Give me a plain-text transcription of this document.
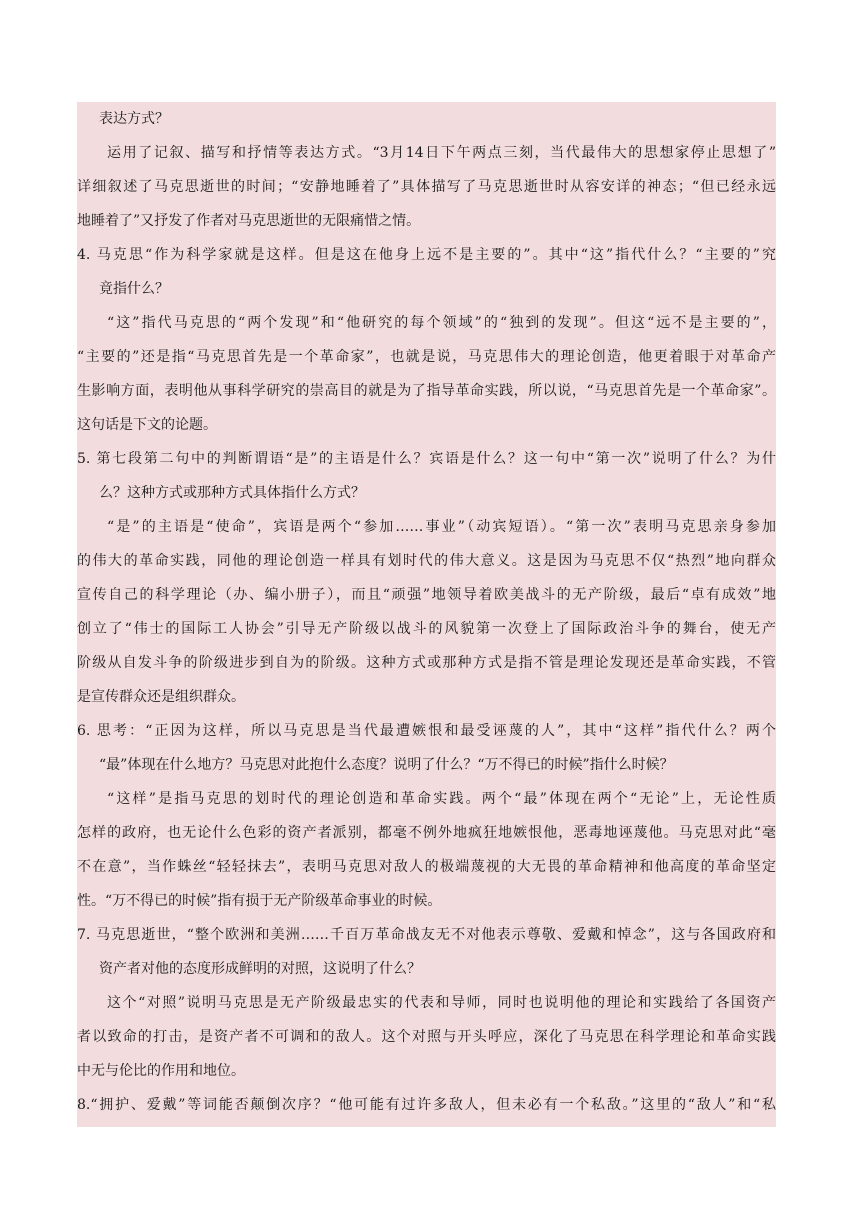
表达方式？
运用了记叙、描写和抒情等表达方式。“3月14日下午两点三刻，当代最伟大的思想家停止思想了”
详细叙述了马克思逝世的时间；“安静地睡着了”具体描写了马克思逝世时从容安详的神态；“但已经永远
地睡着了”又抒发了作者对马克思逝世的无限痛惜之情。
4. 马克思“作为科学家就是这样。但是这在他身上远不是主要的”。其中“这”指代什么？“主要的”究
竟指什么？
“这”指代马克思的“两个发现”和“他研究的每个领域”的“独到的发现”。但这“远不是主要的”，
“主要的”还是指“马克思首先是一个革命家”，也就是说，马克思伟大的理论创造，他更着眼于对革命产
生影响方面，表明他从事科学研究的崇高目的就是为了指导革命实践，所以说，“马克思首先是一个革命家”。
这句话是下文的论题。
5. 第七段第二句中的判断谓语“是”的主语是什么？宾语是什么？这一句中“第一次”说明了什么？为什
么？这种方式或那种方式具体指什么方式？
“是”的主语是“使命”，宾语是两个“参加……事业”（动宾短语）。“第一次”表明马克思亲身参加
的伟大的革命实践，同他的理论创造一样具有划时代的伟大意义。这是因为马克思不仅“热烈”地向群众
宣传自己的科学理论（办、编小册子），而且“顽强”地领导着欧美战斗的无产阶级，最后“卓有成效”地
创立了“伟士的国际工人协会”引导无产阶级以战斗的风貌第一次登上了国际政治斗争的舞台，使无产
阶级从自发斗争的阶级进步到自为的阶级。这种方式或那种方式是指不管是理论发现还是革命实践，不管
是宣传群众还是组织群众。
6. 思考：“正因为这样，所以马克思是当代最遭嫉恨和最受诬蔑的人”，其中“这样”指代什么？两个
“最”体现在什么地方？马克思对此抱什么态度？说明了什么？“万不得已的时候”指什么时候？
“这样”是指马克思的划时代的理论创造和革命实践。两个“最”体现在两个“无论”上，无论性质
怎样的政府，也无论什么色彩的资产者派别，都毫不例外地疯狂地嫉恨他，恶毒地诬蔑他。马克思对此“毫
不在意”，当作蛛丝“轻轻抹去”，表明马克思对敌人的极端蔑视的大无畏的革命精神和他高度的革命坚定
性。“万不得已的时候”指有损于无产阶级革命事业的时候。
7. 马克思逝世，“整个欧洲和美洲……千百万革命战友无不对他表示尊敬、爱戴和悼念”，这与各国政府和
资产者对他的态度形成鲜明的对照，这说明了什么？
这个“对照”说明马克思是无产阶级最忠实的代表和导师，同时也说明他的理论和实践给了各国资产
者以致命的打击，是资产者不可调和的敌人。这个对照与开头呼应，深化了马克思在科学理论和革命实践
中无与伦比的作用和地位。
8.“拥护、爱戴”等词能否颠倒次序？“他可能有过许多敌人，但未必有一个私敌。”这里的“敌人”和“私
